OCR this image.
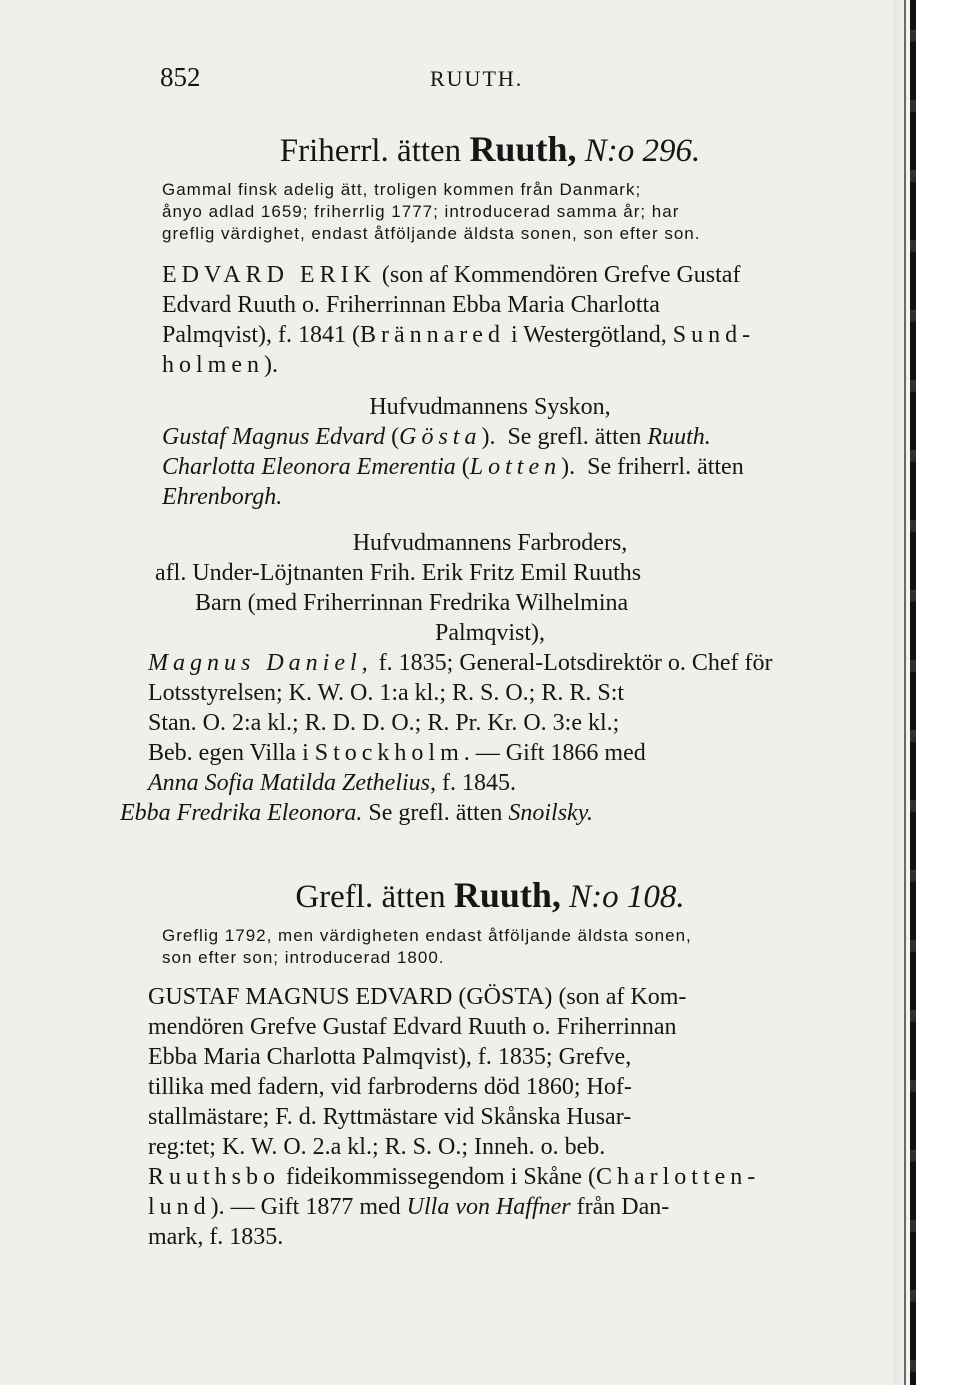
852	RUUTH.
Friherrl. ätten Ruuth, N:o 296.
Gammal finsk adelig ätt, troligen kommen från Danmark;
ånyo adlad 1659; friherrlig 1777; introducerad samma år; har
greflig värdighet, endast åtföljande äldsta sonen, son efter son.
EDVARD ERIK (son af Kommendören Grefve Gustaf
Edvard Ruuth o. Friherrinnan Ebba Maria Charlotta
Palmqvist), f. 1841 (Brännared i Westergötland, Sund-
holmen).
Hufvudmannens Syskon,
Gustaf Magnus Edvard (Gösta).  Se grefl. ätten Ruuth.
Charlotta Eleonora Emerentia (Lotten).  Se friherrl. ätten
Ehrenborgh.
Hufvudmannens Farbroders,
afl. Under-Löjtnanten Frih. Erik Fritz Emil Ruuths
Barn (med Friherrinnan Fredrika Wilhelmina
Palmqvist),
Magnus Daniel, f. 1835; General-Lotsdirektör o. Chef för
Lotsstyrelsen; K. W. O. 1:a kl.; R. S. O.; R. R. S:t
Stan. O. 2:a kl.; R. D. D. O.; R. Pr. Kr. O. 3:e kl.;
Beb. egen Villa i Stockholm. — Gift 1866 med
Anna Sofia Matilda Zethelius, f. 1845.
Ebba Fredrika Eleonora. Se grefl. ätten Snoilsky.
Grefl. ätten Ruuth, N:o 108.
Greflig 1792, men värdigheten endast åtföljande äldsta sonen,
son efter son; introducerad 1800.
GUSTAF MAGNUS EDVARD (GÖSTA) (son af Kom-
mendören Grefve Gustaf Edvard Ruuth o. Friherrinnan
Ebba Maria Charlotta Palmqvist), f. 1835; Grefve,
tillika med fadern, vid farbroderns död 1860; Hof-
stallmästare; F. d. Ryttmästare vid Skånska Husar-
reg:tet; K. W. O. 2.a kl.; R. S. O.; Inneh. o. beb.
Ruuthsbo fideikommissegendom i Skåne (Charlotten-
lund). — Gift 1877 med Ulla von Haffner från Dan-
mark, f. 1835.
